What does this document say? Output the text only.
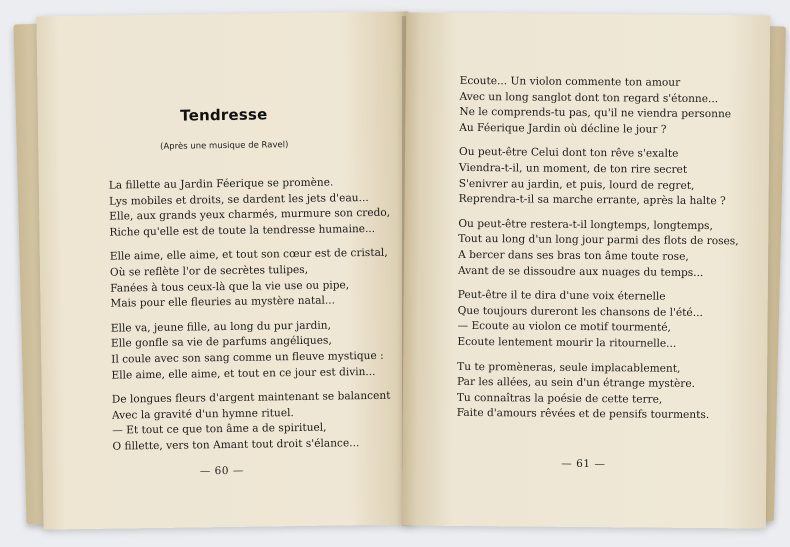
Tendresse
(Après une musique de Ravel)
La fillette au Jardin Féerique se promène.
Lys mobiles et droits, se dardent les jets d'eau...
Elle, aux grands yeux charmés, murmure son credo,
Riche qu'elle est de toute la tendresse humaine...
Elle aime, elle aime, et tout son cœur est de cristal,
Où se reflète l'or de secrètes tulipes,
Fanées à tous ceux-là que la vie use ou pipe,
Mais pour elle fleuries au mystère natal...
Elle va, jeune fille, au long du pur jardin,
Elle gonfle sa vie de parfums angéliques,
Il coule avec son sang comme un fleuve mystique :
Elle aime, elle aime, et tout en ce jour est divin...
De longues fleurs d'argent maintenant se balancent
Avec la gravité d'un hymne rituel.
— Et tout ce que ton âme a de spirituel,
O fillette, vers ton Amant tout droit s'élance...
— 60 —
Ecoute... Un violon commente ton amour
Avec un long sanglot dont ton regard s'étonne...
Ne le comprends-tu pas, qu'il ne viendra personne
Au Féerique Jardin où décline le jour ?
Ou peut-être Celui dont ton rêve s'exalte
Viendra-t-il, un moment, de ton rire secret
S'enivrer au jardin, et puis, lourd de regret,
Reprendra-t-il sa marche errante, après la halte ?
Ou peut-être restera-t-il longtemps, longtemps,
Tout au long d'un long jour parmi des flots de roses,
A bercer dans ses bras ton âme toute rose,
Avant de se dissoudre aux nuages du temps...
Peut-être il te dira d'une voix éternelle
Que toujours dureront les chansons de l'été...
— Ecoute au violon ce motif tourmenté,
Ecoute lentement mourir la ritournelle...
Tu te promèneras, seule implacablement,
Par les allées, au sein d'un étrange mystère.
Tu connaîtras la poésie de cette terre,
Faite d'amours rêvées et de pensifs tourments.
— 61 —
